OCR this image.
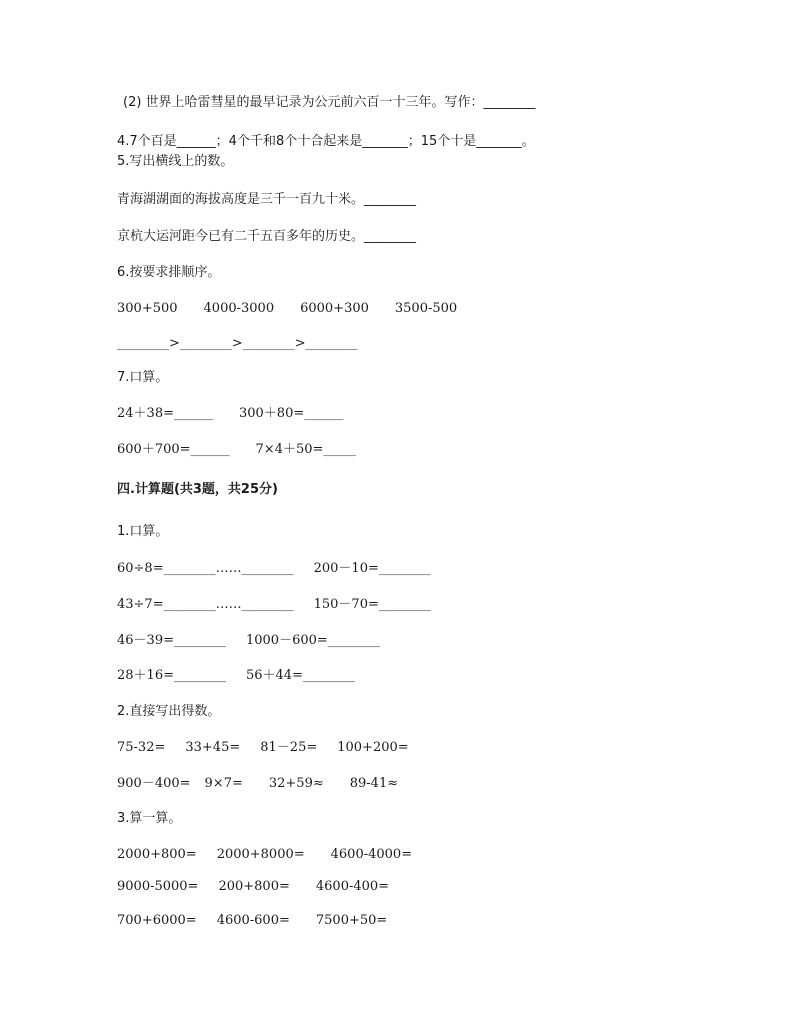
(2) 世界上哈雷彗星的最早记录为公元前六百一十三年。写作：________
4.7个百是______；4个千和8个十合起来是_______；15个十是_______。
5.写出横线上的数。
青海湖湖面的海拔高度是三千一百九十米。________
京杭大运河距今已有二千五百多年的历史。________
6.按要求排顺序。
300+500 4000-3000 6000+300 3500-500
________>________>________>________
7.口算。
24＋38=______ 300＋80=______
600＋700=______ 7×4＋50=_____
四.计算题(共3题，共25分)
1.口算。
60÷8=________……________ 200－10=________
43÷7=________……________ 150－70=________
46－39=________ 1000－600=________
28＋16=________ 56＋44=________
2.直接写出得数。
75-32= 33+45= 81－25= 100+200=
900－400= 9×7= 32+59≈ 89-41≈
3.算一算。
2000+800= 2000+8000= 4600-4000=
9000-5000= 200+800= 4600-400=
700+6000= 4600-600= 7500+50=
